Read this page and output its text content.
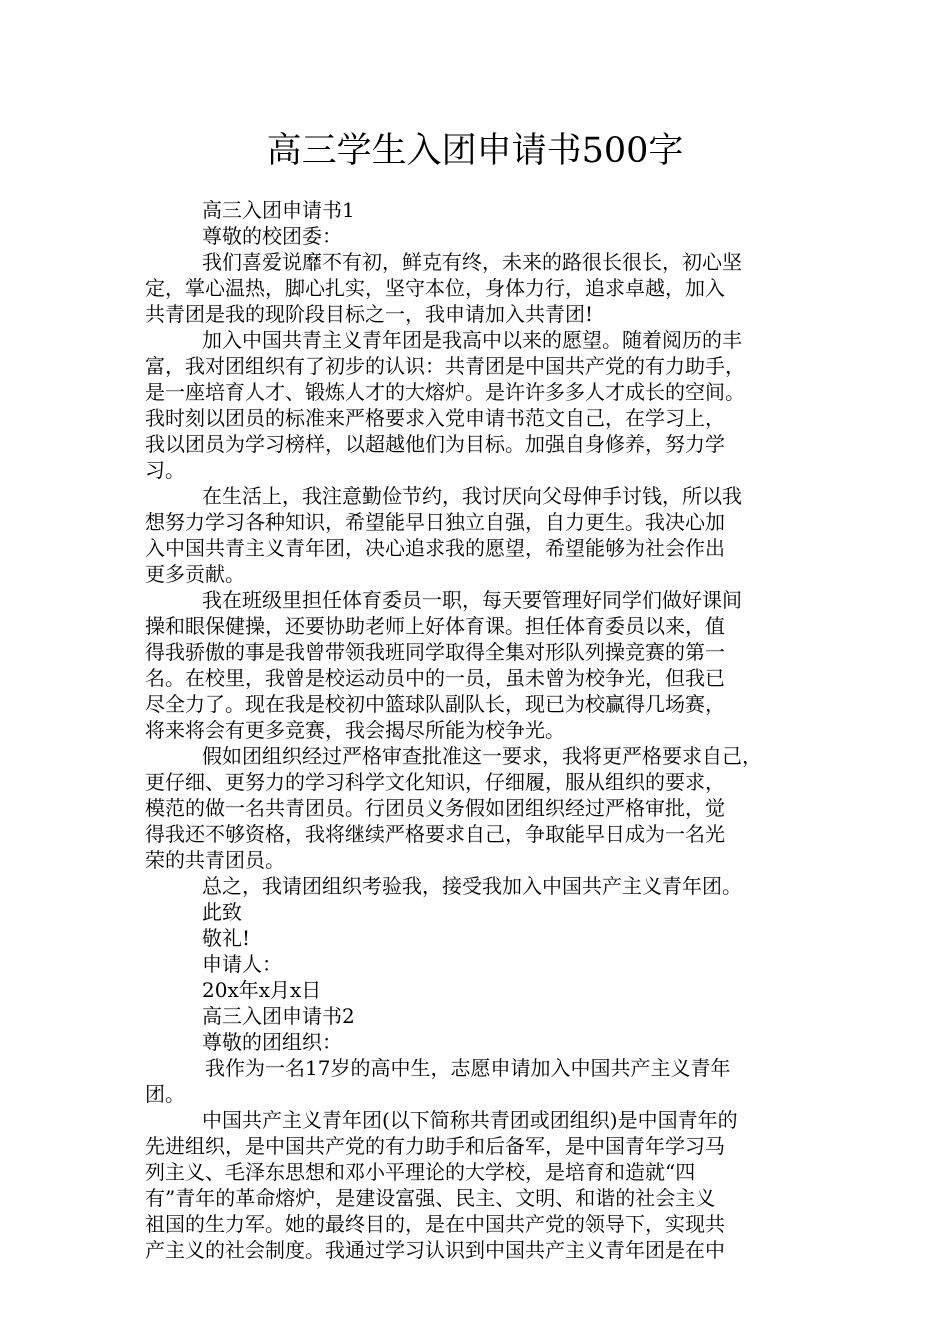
高三学生入团申请书500字
高三入团申请书1
尊敬的校团委：
我们喜爱说靡不有初，鲜克有终，未来的路很长很长，初心坚
定，掌心温热，脚心扎实，坚守本位，身体力行，追求卓越，加入
共青团是我的现阶段目标之一，我申请加入共青团!
加入中国共青主义青年团是我高中以来的愿望。随着阅历的丰
富，我对团组织有了初步的认识：共青团是中国共产党的有力助手，
是一座培育人才、锻炼人才的大熔炉。是许许多多人才成长的空间。
我时刻以团员的标准来严格要求入党申请书范文自己，在学习上，
我以团员为学习榜样，以超越他们为目标。加强自身修养，努力学
习。
在生活上，我注意勤俭节约，我讨厌向父母伸手讨钱，所以我
想努力学习各种知识，希望能早日独立自强，自力更生。我决心加
入中国共青主义青年团，决心追求我的愿望，希望能够为社会作出
更多贡献。
我在班级里担任体育委员一职，每天要管理好同学们做好课间
操和眼保健操，还要协助老师上好体育课。担任体育委员以来，值
得我骄傲的事是我曾带领我班同学取得全集对形队列操竞赛的第一
名。在校里，我曾是校运动员中的一员，虽未曾为校争光，但我已
尽全力了。现在我是校初中篮球队副队长，现已为校赢得几场赛，
将来将会有更多竞赛，我会揭尽所能为校争光。
假如团组织经过严格审查批准这一要求，我将更严格要求自己，
更仔细、更努力的学习科学文化知识，仔细履，服从组织的要求，
模范的做一名共青团员。行团员义务假如团组织经过严格审批，觉
得我还不够资格，我将继续严格要求自己，争取能早日成为一名光
荣的共青团员。
总之，我请团组织考验我，接受我加入中国共产主义青年团。
此致
敬礼!
申请人：
20x年x月x日
高三入团申请书2
尊敬的团组织：
我作为一名17岁的高中生，志愿申请加入中国共产主义青年
团。
中国共产主义青年团(以下简称共青团或团组织)是中国青年的
先进组织，是中国共产党的有力助手和后备军，是中国青年学习马
列主义、毛泽东思想和邓小平理论的大学校，是培育和造就“四
有”青年的革命熔炉，是建设富强、民主、文明、和谐的社会主义
祖国的生力军。她的最终目的，是在中国共产党的领导下，实现共
产主义的社会制度。我通过学习认识到中国共产主义青年团是在中
